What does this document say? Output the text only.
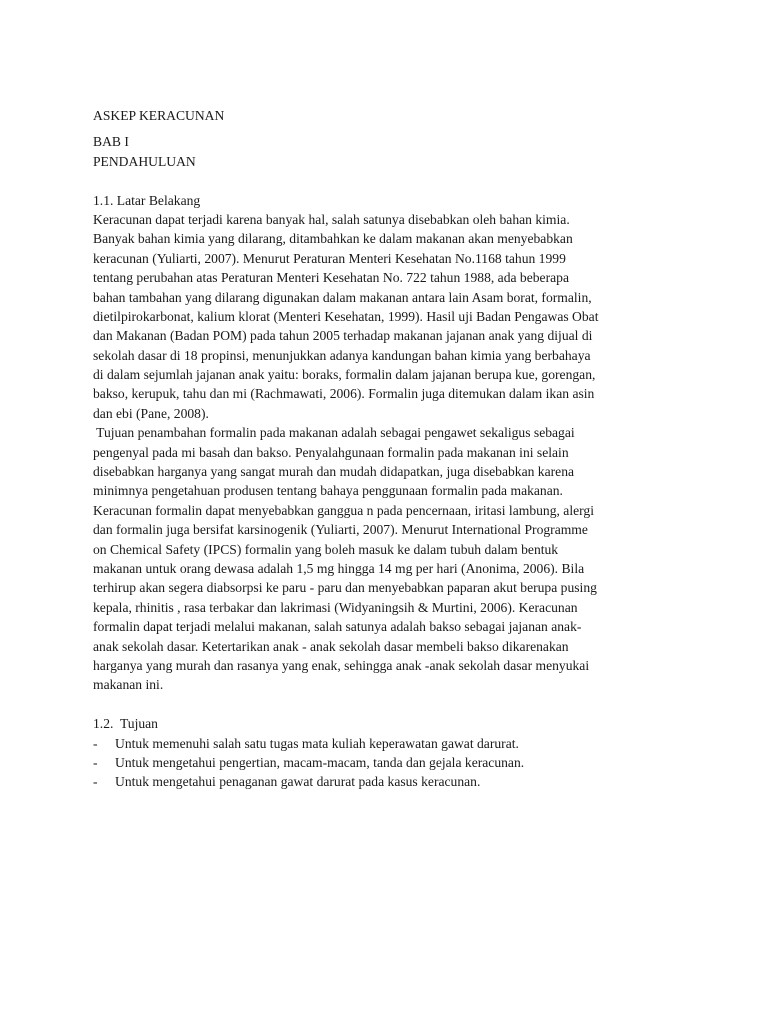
ASKEP KERACUNAN
BAB I
PENDAHULUAN
1.1. Latar Belakang
Keracunan dapat terjadi karena banyak hal, salah satunya disebabkan oleh bahan kimia.
Banyak bahan kimia yang dilarang, ditambahkan ke dalam makanan akan menyebabkan
keracunan (Yuliarti, 2007). Menurut Peraturan Menteri Kesehatan No.1168 tahun 1999
tentang perubahan atas Peraturan Menteri Kesehatan No. 722 tahun 1988, ada beberapa
bahan tambahan yang dilarang digunakan dalam makanan antara lain Asam borat, formalin,
dietilpirokarbonat, kalium klorat (Menteri Kesehatan, 1999). Hasil uji Badan Pengawas Obat
dan Makanan (Badan POM) pada tahun 2005 terhadap makanan jajanan anak yang dijual di
sekolah dasar di 18 propinsi, menunjukkan adanya kandungan bahan kimia yang berbahaya
di dalam sejumlah jajanan anak yaitu: boraks, formalin dalam jajanan berupa kue, gorengan,
bakso, kerupuk, tahu dan mi (Rachmawati, 2006). Formalin juga ditemukan dalam ikan asin
dan ebi (Pane, 2008).
Tujuan penambahan formalin pada makanan adalah sebagai pengawet sekaligus sebagai
pengenyal pada mi basah dan bakso. Penyalahgunaan formalin pada makanan ini selain
disebabkan harganya yang sangat murah dan mudah didapatkan, juga disebabkan karena
minimnya pengetahuan produsen tentang bahaya penggunaan formalin pada makanan.
Keracunan formalin dapat menyebabkan ganggua n pada pencernaan, iritasi lambung, alergi
dan formalin juga bersifat karsinogenik (Yuliarti, 2007). Menurut International Programme
on Chemical Safety (IPCS) formalin yang boleh masuk ke dalam tubuh dalam bentuk
makanan untuk orang dewasa adalah 1,5 mg hingga 14 mg per hari (Anonima, 2006). Bila
terhirup akan segera diabsorpsi ke paru - paru dan menyebabkan paparan akut berupa pusing
kepala, rhinitis , rasa terbakar dan lakrimasi (Widyaningsih & Murtini, 2006). Keracunan
formalin dapat terjadi melalui makanan, salah satunya adalah bakso sebagai jajanan anak-
anak sekolah dasar. Ketertarikan anak - anak sekolah dasar membeli bakso dikarenakan
harganya yang murah dan rasanya yang enak, sehingga anak -anak sekolah dasar menyukai
makanan ini.
1.2.  Tujuan
- Untuk memenuhi salah satu tugas mata kuliah keperawatan gawat darurat.
- Untuk mengetahui pengertian, macam-macam, tanda dan gejala keracunan.
- Untuk mengetahui penaganan gawat darurat pada kasus keracunan.
